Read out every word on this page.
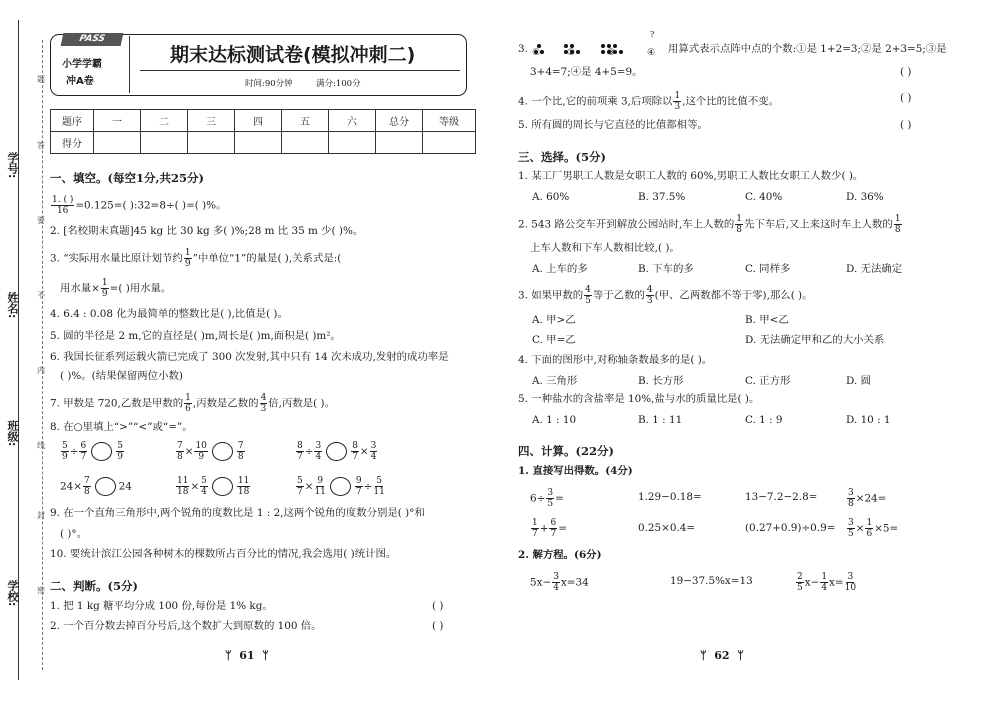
学校:
班级:
姓名:
学号:
题
答
要
不
内
线
封
密
PASS
小学学霸
冲A卷
期末达标测试卷(模拟冲刺二)
时间:90分钟	满分:100分
题序	一	二	三	四	五	六	总分	等级
得分								
一、填空。(每空1分,共25分)
$\frac{1. ( )}{16} =0.125=$( ):32=8÷( )=( )%。
2. [名校期末真题]45 kg 比 30 kg 多( )%;28 m 比 35 m 少( )%。
3. “实际用水量比原计划节约 $\frac{1}{9}$ ”中单位“1”的量是( ),关系式是:(
用水量× $\frac{1}{9}$ =( )用水量。
4. 6.4 : 0.08 化为最简单的整数比是( ),比值是( )。
5. 圆的半径是 2 m,它的直径是( )m,周长是( )m,面积是( )m²。
6. 我国长征系列运载火箭已完成了 300 次发射,其中只有 14 次未成功,发射的成功率是
( )%。(结果保留两位小数)
7. 甲数是 720,乙数是甲数的 $\frac{1}{6}$ ,丙数是乙数的 $\frac{4}{3}$ 倍,丙数是( )。
8. 在○里填上“>”“<”或“=”。
$\frac{5}{9} \div \frac{6}{7}$	$\frac{5}{9}$	$\frac{7}{8} \times \frac{10}{9}$	$\frac{7}{8}$	$\frac{8}{7} \div \frac{3}{4}$	$\frac{8}{7} \times \frac{3}{4}$
$24\times \frac{7}{8}$	24	$\frac{11}{18} \times \frac{5}{4}$	$\frac{11}{18}$	$\frac{5}{7} \times \frac{9}{11}$	$\frac{9}{7} \div \frac{5}{11}$
9. 在一个直角三角形中,两个锐角的度数比是 1 : 2,这两个锐角的度数分别是( )°和
( )°。
10. 要统计滨江公园各种树木的棵数所占百分比的情况,我会选用( )统计图。
二、判断。(5分)
1. 把 1 kg 糖平均分成 100 份,每份是 1% kg。	( )
2. 一个百分数去掉百分号后,这个数扩大到原数的 100 倍。	( )
ᛘ  61  ᛘ
3.
?
①	②	③	④ 用算式表示点阵中点的个数:①是 1+2=3;②是 2+3=5;③是
3+4=7;④是 4+5=9。	( )
4. 一个比,它的前项乘 3,后项除以 $\frac{1}{3}$ ,这个比的比值不变。	( )
5. 所有圆的周长与它直径的比值都相等。	( )
三、选择。(5分)
1. 某工厂男职工人数是女职工人数的 60%,男职工人数比女职工人数少( )。
A. 60%	B. 37.5%	C. 40%	D. 36%
2. 543 路公交车开到解放公园站时,车上人数的 $\frac{1}{8}$ 先下车后,又上来这时车上人数的 $\frac{1}{8}$
上车人数和下车人数相比较,( )。
A. 上车的多	B. 下车的多	C. 同样多	D. 无法确定
3. 如果甲数的 $\frac{4}{5}$ 等于乙数的 $\frac{4}{3}$ (甲、乙两数都不等于零),那么( )。
A. 甲>乙	B. 甲<乙
C. 甲=乙	D. 无法确定甲和乙的大小关系
4. 下面的图形中,对称轴条数最多的是( )。
A. 三角形	B. 长方形	C. 正方形	D. 圆
5. 一种盐水的含盐率是 10%,盐与水的质量比是( )。
A. 1 : 10	B. 1 : 11	C. 1 : 9	D. 10 : 1
四、计算。(22分)
1. 直接写出得数。(4分)
$6\div \frac{3}{5}$ =	1.29−0.18=	13−7.2−2.8=	$\frac{3}{8} \times 24=$
$\frac{1}{7} + \frac{6}{7}$ =	0.25×0.4=	$(0.27+0.9)\div 0.9= \frac{3}{5} \times \frac{1}{6} \times 5=$
2. 解方程。(6分)
$5x- \frac{3}{4} x=34$	19−37.5%x=13	$\frac{2}{5} x- \frac{1}{4} x= \frac{3}{10}$
ᛘ  62  ᛘ
